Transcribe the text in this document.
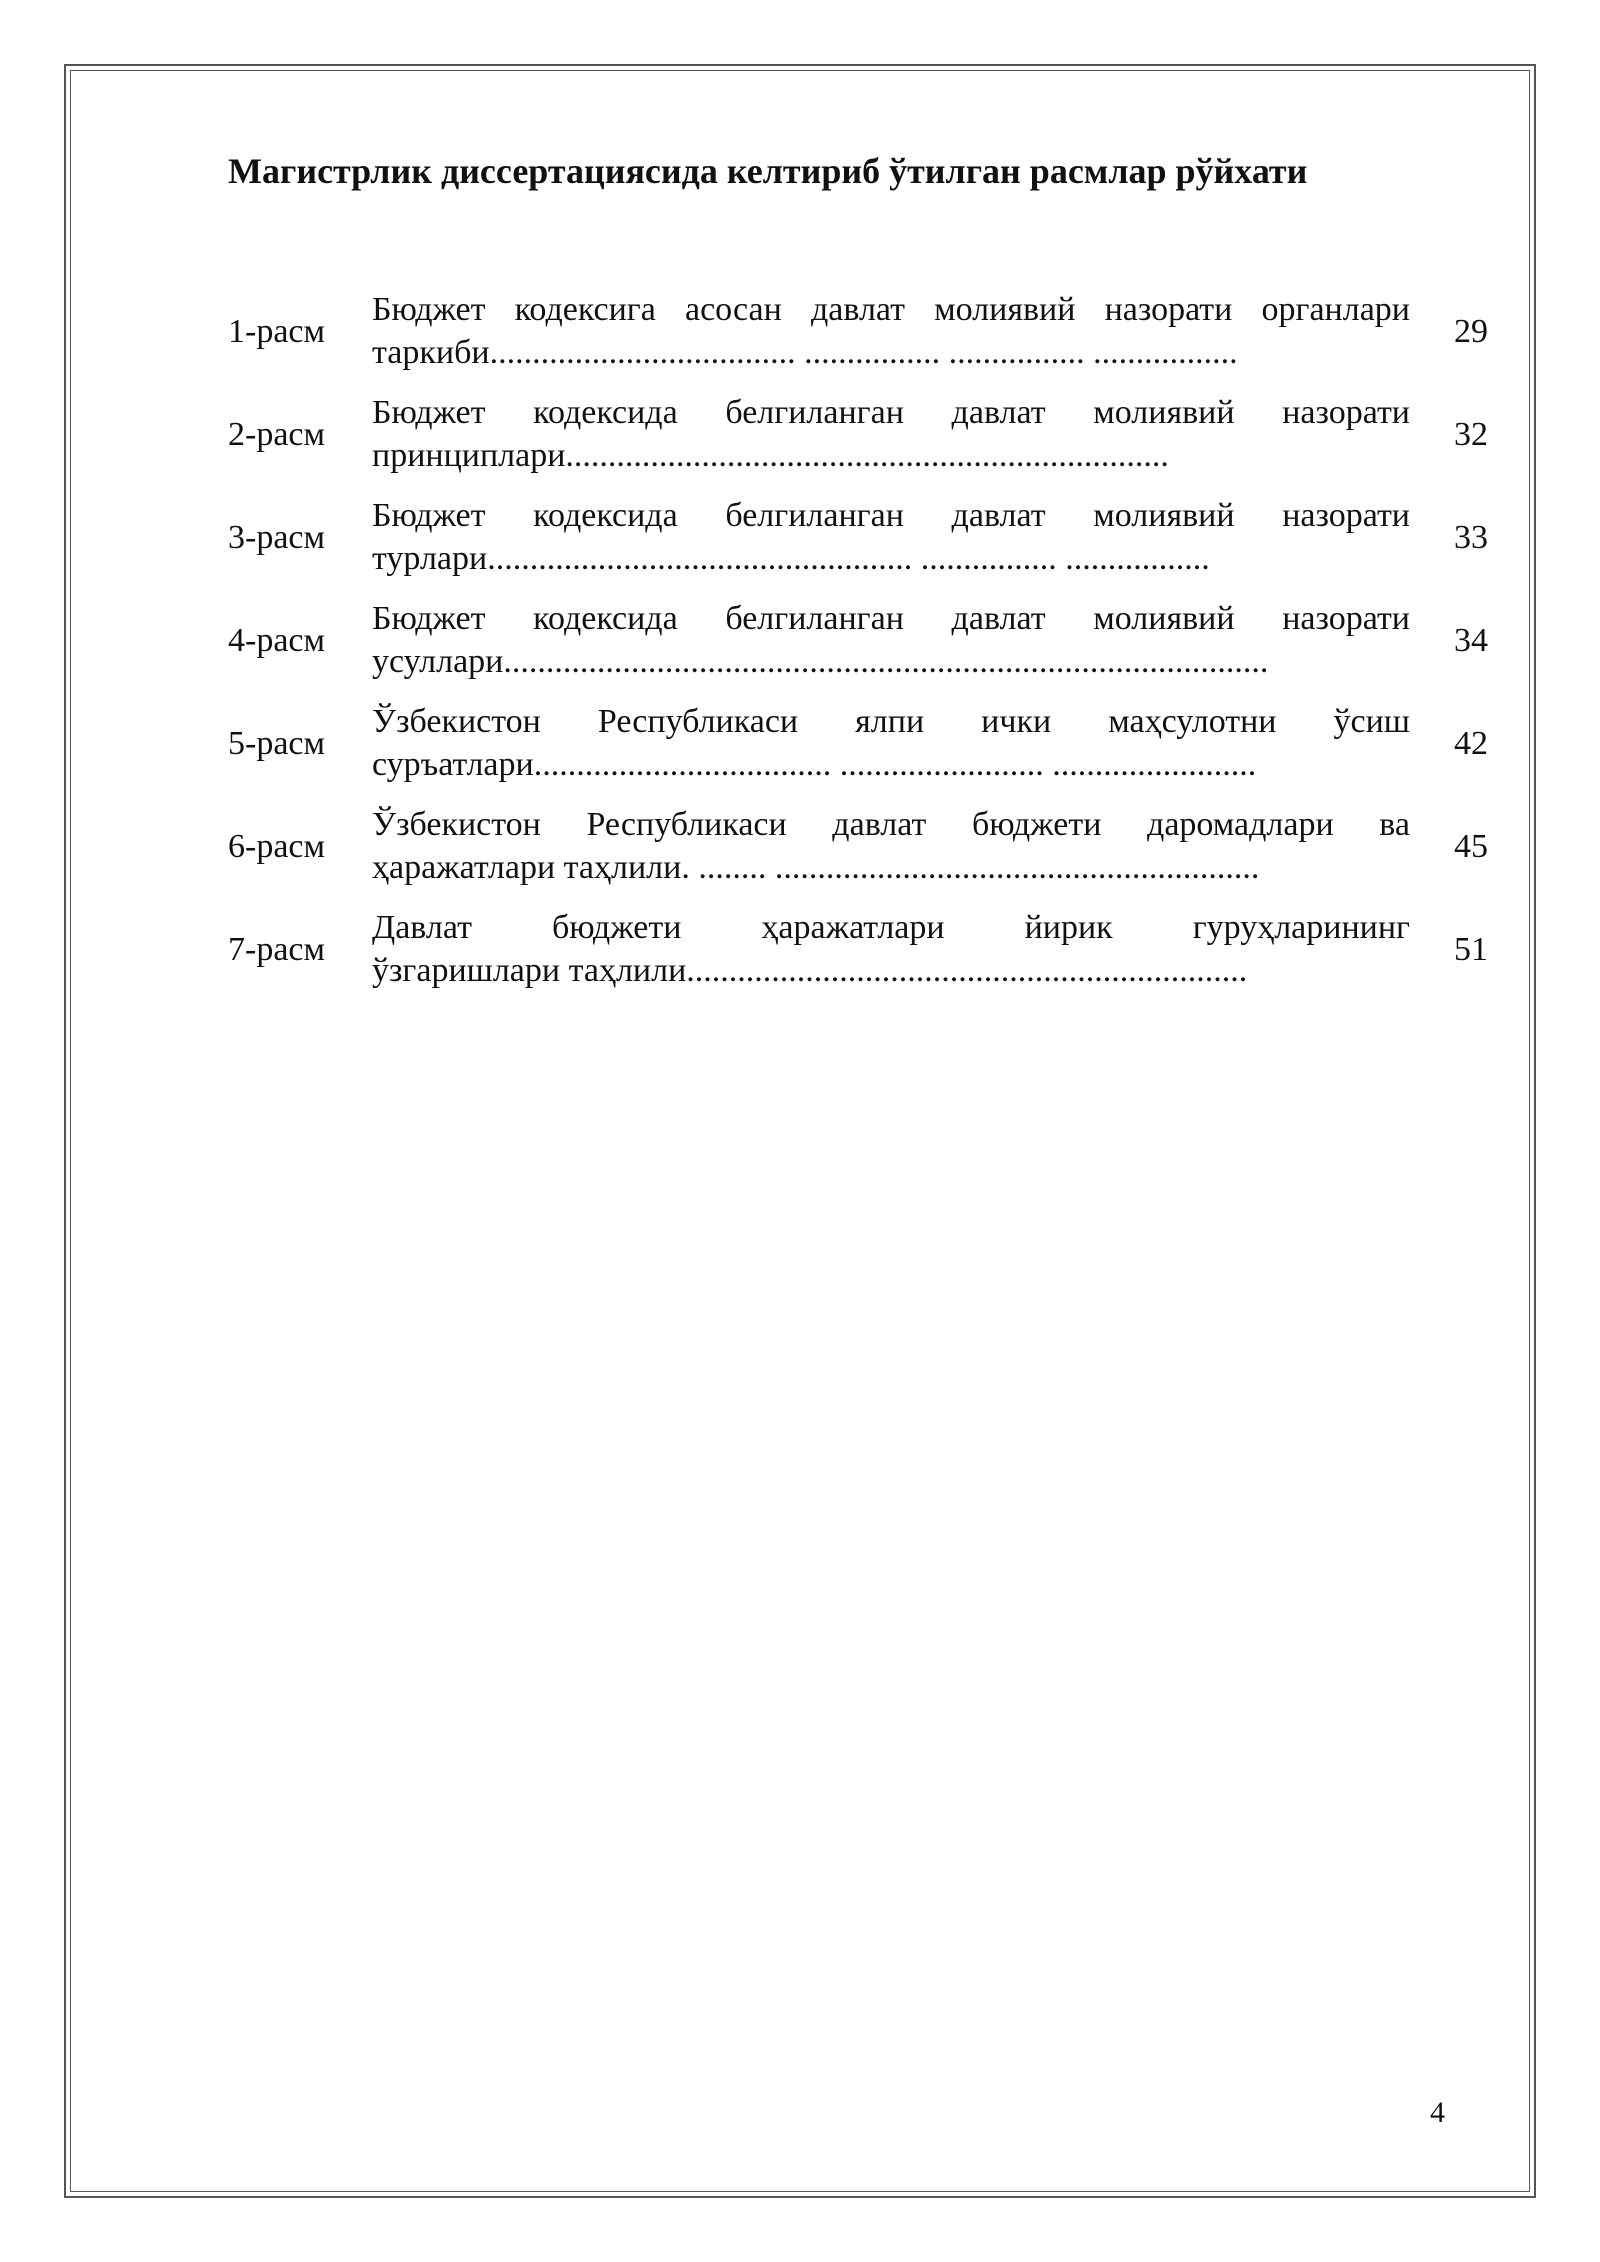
Магистрлик диссертациясида келтириб ўтилган расмлар рўйхати
1-расм
Бюджет кодексига асосан давлат молиявий назорати органлари
таркиби.................................... ................ ................ .................
29
2-расм
Бюджет кодексида белгиланган давлат молиявий назорати
принциплари.......................................................................
32
3-расм
Бюджет кодексида белгиланган давлат молиявий назорати
турлари.................................................. ................ .................
33
4-расм
Бюджет кодексида белгиланган давлат молиявий назорати
усуллари..........................................................................................
34
5-расм
Ўзбекистон Республикаси ялпи ички маҳсулотни ўсиш
суръатлари................................... ........................ ........................
42
6-расм
Ўзбекистон Республикаси давлат бюджети даромадлари ва
ҳаражатлари таҳлили. ........ .........................................................
45
7-расм
Давлат бюджети ҳаражатлари йирик гуруҳларининг
ўзгаришлари таҳлили..................................................................
51
4
